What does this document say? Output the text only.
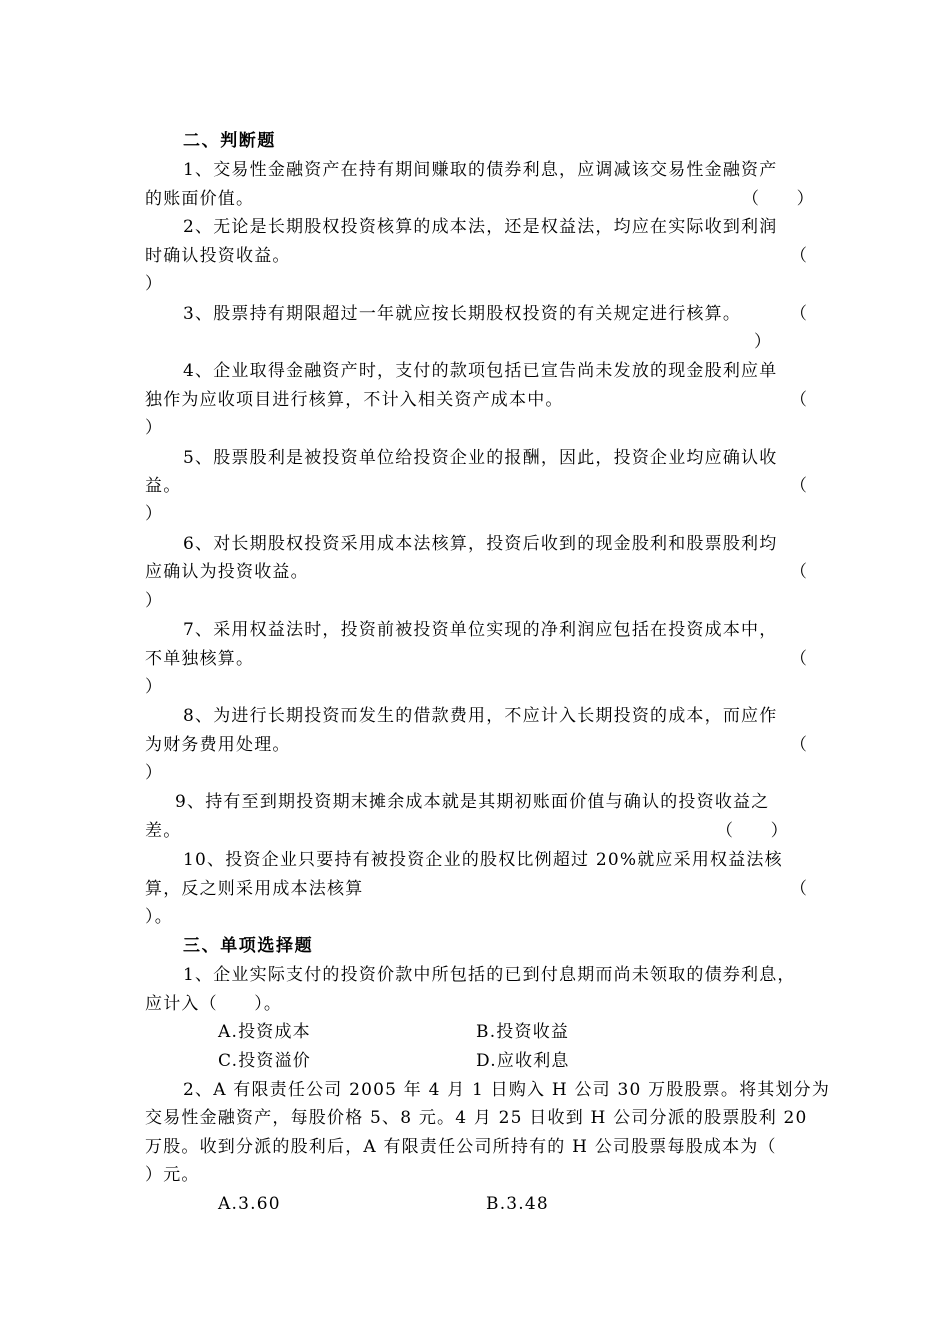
二、判断题
1、交易性金融资产在持有期间赚取的债券利息，应调减该交易性金融资产
的账面价值。	（　　）
2、无论是长期股权投资核算的成本法，还是权益法，均应在实际收到利润
时确认投资收益。	（
）
3、股票持有期限超过一年就应按长期股权投资的有关规定进行核算。	（
）
4、企业取得金融资产时，支付的款项包括已宣告尚未发放的现金股利应单
独作为应收项目进行核算，不计入相关资产成本中。	（
）
5、股票股利是被投资单位给投资企业的报酬，因此，投资企业均应确认收
益。	（
）
6、对长期股权投资采用成本法核算，投资后收到的现金股利和股票股利均
应确认为投资收益。	（
）
7、采用权益法时，投资前被投资单位实现的净利润应包括在投资成本中，
不单独核算。	（
）
8、为进行长期投资而发生的借款费用，不应计入长期投资的成本，而应作
为财务费用处理。	（
）
9、持有至到期投资期末摊余成本就是其期初账面价值与确认的投资收益之
差。	（　　）
10、投资企业只要持有被投资企业的股权比例超过 20%就应采用权益法核
算，反之则采用成本法核算	（
）。
三、单项选择题
1、企业实际支付的投资价款中所包括的已到付息期而尚未领取的债券利息，
应计入（　　）。
A.投资成本	B.投资收益
C.投资溢价	D.应收利息
2、A 有限责任公司 2005 年 4 月 1 日购入 H 公司 30 万股股票。将其划分为
交易性金融资产，每股价格 5、8 元。4 月 25 日收到 H 公司分派的股票股利 20
万股。收到分派的股利后，A 有限责任公司所持有的 H 公司股票每股成本为（
）元。
A.3.60	B.3.48
